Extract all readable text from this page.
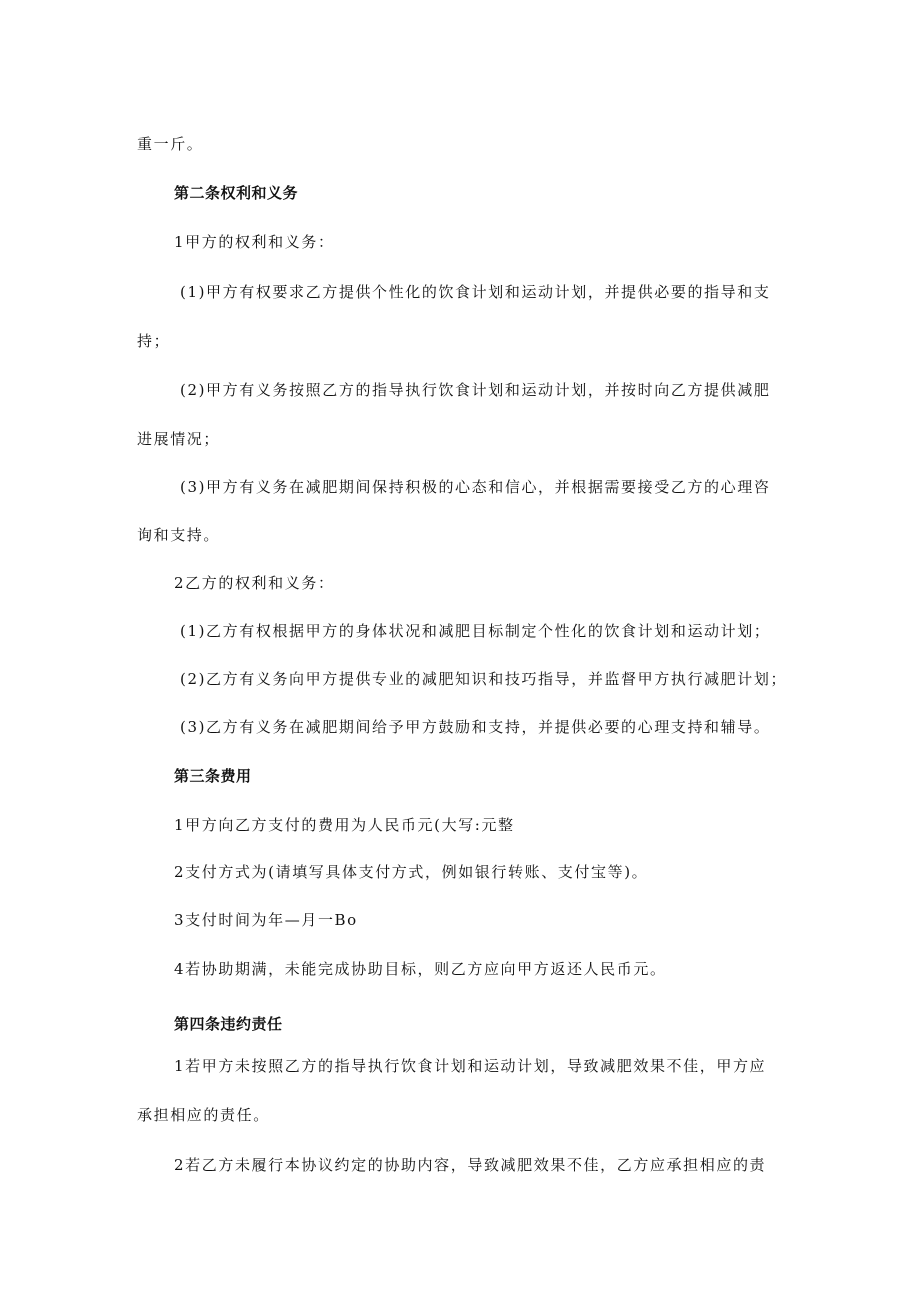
重一斤。
第二条权利和义务
1甲方的权利和义务：
(1)甲方有权要求乙方提供个性化的饮食计划和运动计划，并提供必要的指导和支
持；
(2)甲方有义务按照乙方的指导执行饮食计划和运动计划，并按时向乙方提供减肥
进展情况；
(3)甲方有义务在减肥期间保持积极的心态和信心，并根据需要接受乙方的心理咨
询和支持。
2乙方的权利和义务：
(1)乙方有权根据甲方的身体状况和减肥目标制定个性化的饮食计划和运动计划；
(2)乙方有义务向甲方提供专业的减肥知识和技巧指导，并监督甲方执行减肥计划；
(3)乙方有义务在减肥期间给予甲方鼓励和支持，并提供必要的心理支持和辅导。
第三条费用
1甲方向乙方支付的费用为人民币元(大写:元整
2支付方式为(请填写具体支付方式，例如银行转账、支付宝等)。
3支付时间为年—月一Bo
4若协助期满，未能完成协助目标，则乙方应向甲方返还人民币元。
第四条违约责任
1若甲方未按照乙方的指导执行饮食计划和运动计划，导致减肥效果不佳，甲方应
承担相应的责任。
2若乙方未履行本协议约定的协助内容，导致减肥效果不佳，乙方应承担相应的责
